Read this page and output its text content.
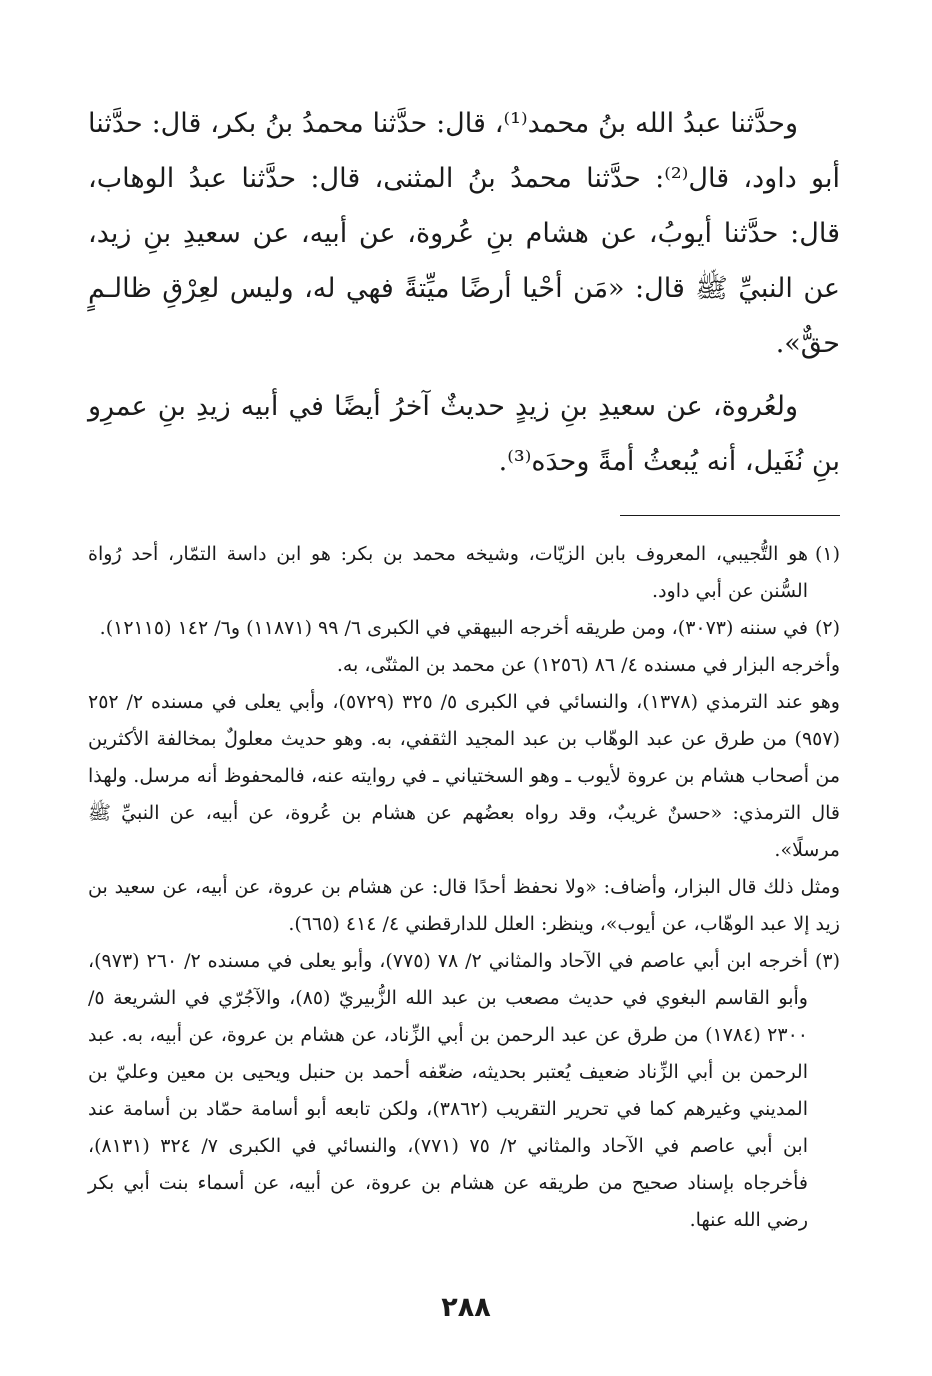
وحدَّثنا عبدُ الله بنُ محمد⁽¹⁾، قال: حدَّثنا محمدُ بنُ بكر، قال: حدَّثنا أبو داود، قال⁽²⁾: حدَّثنا محمدُ بنُ المثنى، قال: حدَّثنا عبدُ الوهاب، قال: حدَّثنا أيوبُ، عن هشام بنِ عُروة، عن أبيه، عن سعيدِ بنِ زيد، عن النبيِّ ﷺ قال: «مَن أحْيا أرضًا ميِّتةً فهي له، وليس لعِرْقِ ظالـمٍ حقٌّ».

ولعُروة، عن سعيدِ بنِ زيدٍ حديثٌ آخرُ أيضًا في أبيه زيدِ بنِ عمرِو بنِ نُفَيل، أنه يُبعثُ أمةً وحدَه⁽³⁾.

(١)
هو التُّجيبي، المعروف بابن الزيّات، وشيخه محمد بن بكر: هو ابن داسة التمّار، أحد رُواة السُّنن عن أبي داود.

(٢)
في سننه (٣٠٧٣)، ومن طريقه أخرجه البيهقي في الكبرى ٦/ ٩٩ (١١٨٧١) و٦/ ١٤٢ (١٢١١٥).

وأخرجه البزار في مسنده ٤/ ٨٦ (١٢٥٦) عن محمد بن المثنّى، به.

وهو عند الترمذي (١٣٧٨)، والنسائي في الكبرى ٥/ ٣٢٥ (٥٧٢٩)، وأبي يعلى في مسنده ٢/ ٢٥٢ (٩٥٧) من طرق عن عبد الوهّاب بن عبد المجيد الثقفي، به. وهو حديث معلولٌ بمخالفة الأكثرين من أصحاب هشام بن عروة لأيوب ـ وهو السختياني ـ في روايته عنه، فالمحفوظ أنه مرسل. ولهذا قال الترمذي: «حسنٌ غريبٌ، وقد رواه بعضُهم عن هشام بن عُروة، عن أبيه، عن النبيِّ ﷺ مرسلًا».

ومثل ذلك قال البزار، وأضاف: «ولا نحفظ أحدًا قال: عن هشام بن عروة، عن أبيه، عن سعيد بن زيد إلا عبد الوهّاب، عن أيوب»، وينظر: العلل للدارقطني ٤/ ٤١٤ (٦٦٥).

(٣)
أخرجه ابن أبي عاصم في الآحاد والمثاني ٢/ ٧٨ (٧٧٥)، وأبو يعلى في مسنده ٢/ ٢٦٠ (٩٧٣)، وأبو القاسم البغوي في حديث مصعب بن عبد الله الزُّبيريّ (٨٥)، والآجُرّي في الشريعة ٥/ ٢٣٠٠ (١٧٨٤) من طرق عن عبد الرحمن بن أبي الزِّناد، عن هشام بن عروة، عن أبيه، به. عبد الرحمن بن أبي الزِّناد ضعيف يُعتبر بحديثه، ضعّفه أحمد بن حنبل ويحيى بن معين وعليّ بن المديني وغيرهم كما في تحرير التقريب (٣٨٦٢)، ولكن تابعه أبو أسامة حمّاد بن أسامة عند ابن أبي عاصم في الآحاد والمثاني ٢/ ٧٥ (٧٧١)، والنسائي في الكبرى ٧/ ٣٢٤ (٨١٣١)، فأخرجاه بإسناد صحيح من طريقه عن هشام بن عروة، عن أبيه، عن أسماء بنت أبي بكر رضي الله عنها.

٢٨٨
